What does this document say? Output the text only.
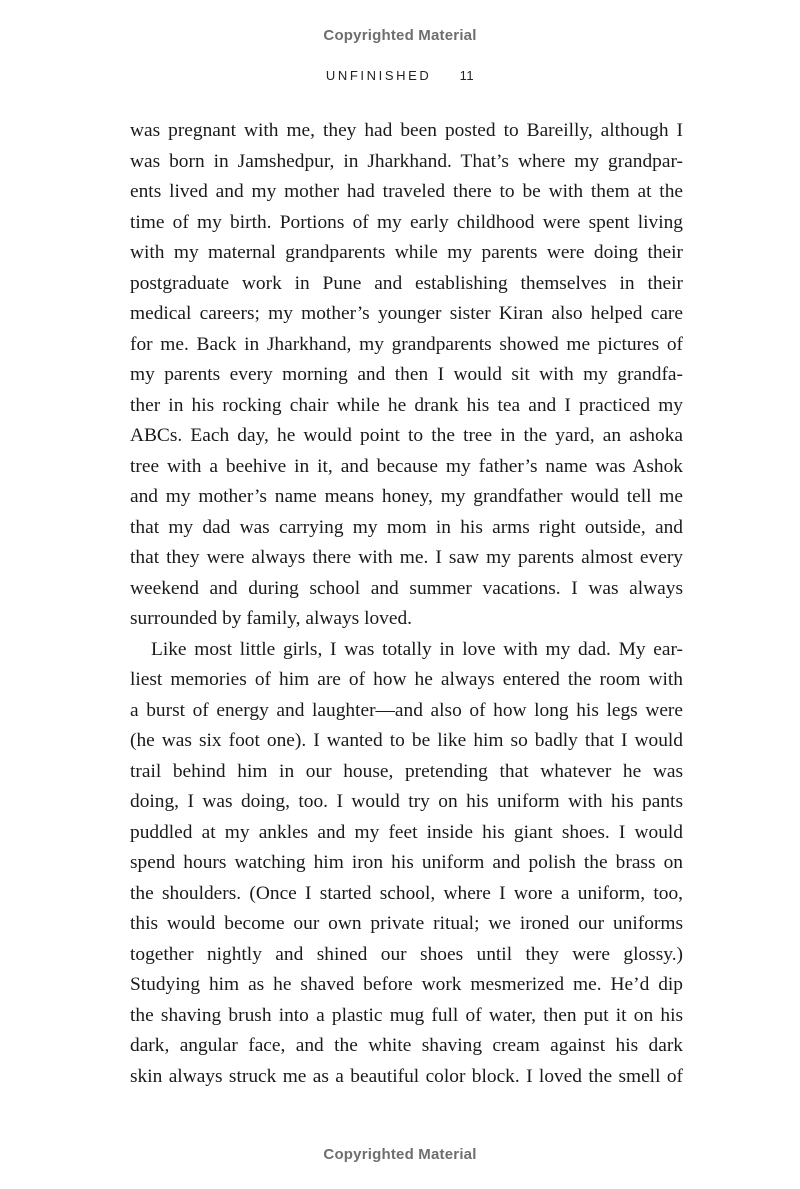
Copyrighted Material
UNFINISHED 11
was pregnant with me, they had been posted to Bareilly, although I
was born in Jamshedpur, in Jharkhand. That’s where my grandpar-
ents lived and my mother had traveled there to be with them at the
time of my birth. Portions of my early childhood were spent living
with my maternal grandparents while my parents were doing their
postgraduate work in Pune and establishing themselves in their
medical careers; my mother’s younger sister Kiran also helped care
for me. Back in Jharkhand, my grandparents showed me pictures of
my parents every morning and then I would sit with my grandfa-
ther in his rocking chair while he drank his tea and I practiced my
ABCs. Each day, he would point to the tree in the yard, an ashoka
tree with a beehive in it, and because my father’s name was Ashok
and my mother’s name means honey, my grandfather would tell me
that my dad was carrying my mom in his arms right outside, and
that they were always there with me. I saw my parents almost every
weekend and during school and summer vacations. I was always
surrounded by family, always loved.
Like most little girls, I was totally in love with my dad. My ear-
liest memories of him are of how he always entered the room with
a burst of energy and laughter—and also of how long his legs were
(he was six foot one). I wanted to be like him so badly that I would
trail behind him in our house, pretending that whatever he was
doing, I was doing, too. I would try on his uniform with his pants
puddled at my ankles and my feet inside his giant shoes. I would
spend hours watching him iron his uniform and polish the brass on
the shoulders. (Once I started school, where I wore a uniform, too,
this would become our own private ritual; we ironed our uniforms
together nightly and shined our shoes until they were glossy.)
Studying him as he shaved before work mesmerized me. He’d dip
the shaving brush into a plastic mug full of water, then put it on his
dark, angular face, and the white shaving cream against his dark
skin always struck me as a beautiful color block. I loved the smell of
Copyrighted Material
